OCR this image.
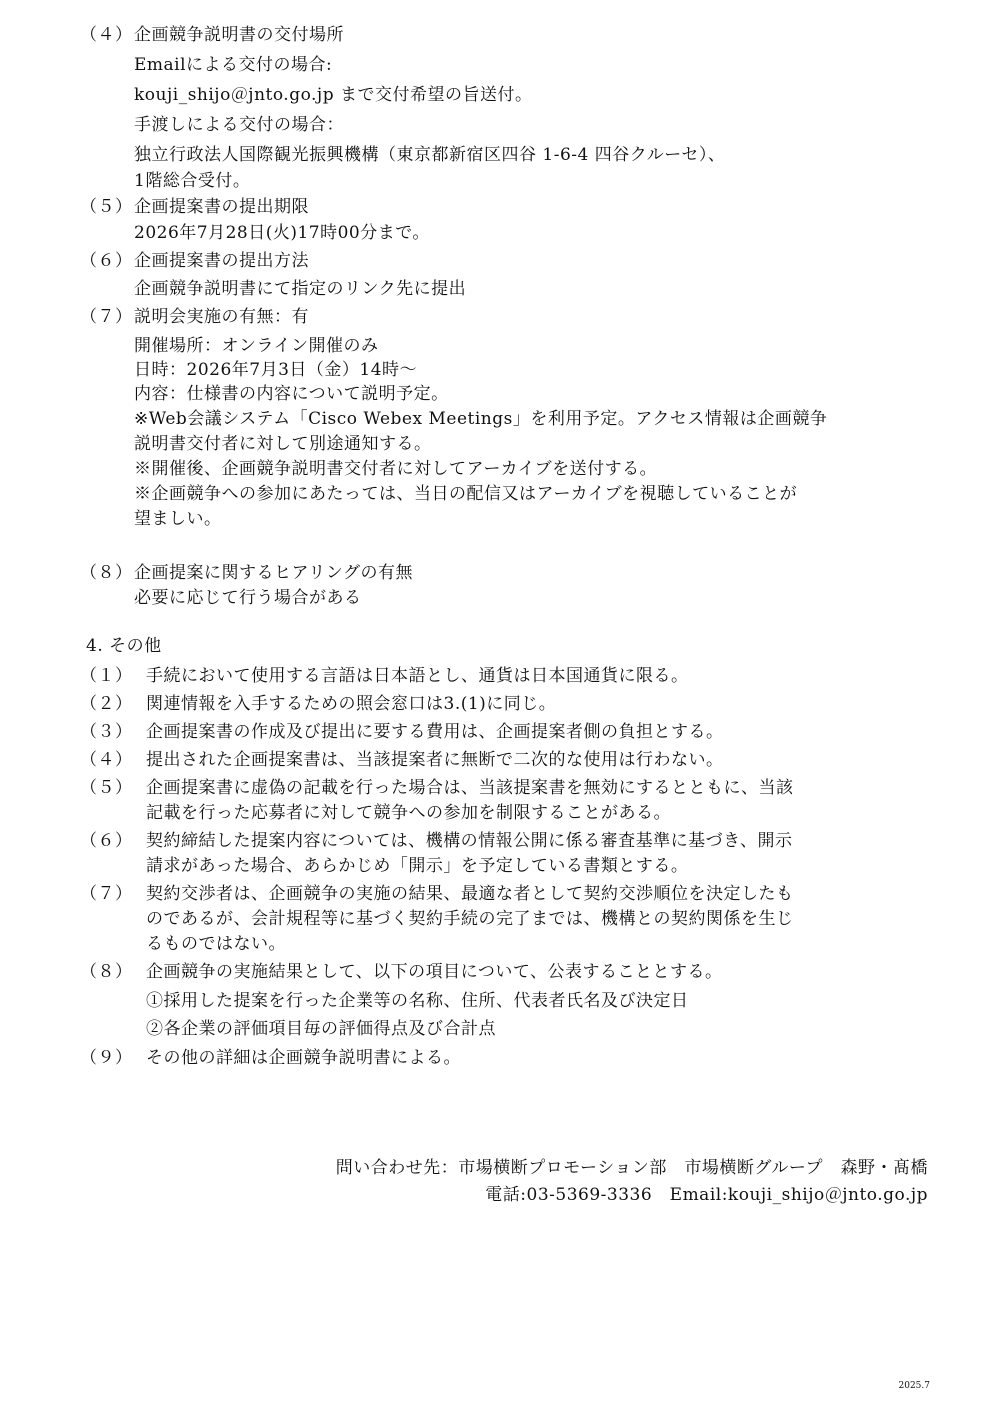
（４） 企画競争説明書の交付場所
Emailによる交付の場合:
kouji_shijo＠jnto.go.jp まで交付希望の旨送付。
手渡しによる交付の場合：
独立行政法人国際観光振興機構（東京都新宿区四谷 1-6-4 四谷クルーセ）、
1階総合受付。
（５） 企画提案書の提出期限
2026年7月28日(火)17時00分まで。
（６） 企画提案書の提出方法
企画競争説明書にて指定のリンク先に提出
（７） 説明会実施の有無：有
開催場所：オンライン開催のみ
日時：2026年7月3日（金）14時～
内容：仕様書の内容について説明予定。
※Web会議システム「Cisco Webex Meetings」を利用予定。アクセス情報は企画競争
説明書交付者に対して別途通知する。
※開催後、企画競争説明書交付者に対してアーカイブを送付する。
※企画競争への参加にあたっては、当日の配信又はアーカイブを視聴していることが
望ましい。
（８） 企画提案に関するヒアリングの有無
必要に応じて行う場合がある
4. その他
（１） 手続において使用する言語は日本語とし、通貨は日本国通貨に限る。
（２） 関連情報を入手するための照会窓口は3.(1)に同じ。
（３） 企画提案書の作成及び提出に要する費用は、企画提案者側の負担とする。
（４） 提出された企画提案書は、当該提案者に無断で二次的な使用は行わない。
（５） 企画提案書に虚偽の記載を行った場合は、当該提案書を無効にするとともに、当該
記載を行った応募者に対して競争への参加を制限することがある。
（６） 契約締結した提案内容については、機構の情報公開に係る審査基準に基づき、開示
請求があった場合、あらかじめ「開示」を予定している書類とする。
（７） 契約交渉者は、企画競争の実施の結果、最適な者として契約交渉順位を決定したも
のであるが、会計規程等に基づく契約手続の完了までは、機構との契約関係を生じ
るものではない。
（８） 企画競争の実施結果として、以下の項目について、公表することとする。
①採用した提案を行った企業等の名称、住所、代表者氏名及び決定日
②各企業の評価項目毎の評価得点及び合計点
（９） その他の詳細は企画競争説明書による。
問い合わせ先：市場横断プロモーション部　市場横断グループ　森野・髙橋
電話:03-5369-3336　Email:kouji_shijo＠jnto.go.jp
2025.7
